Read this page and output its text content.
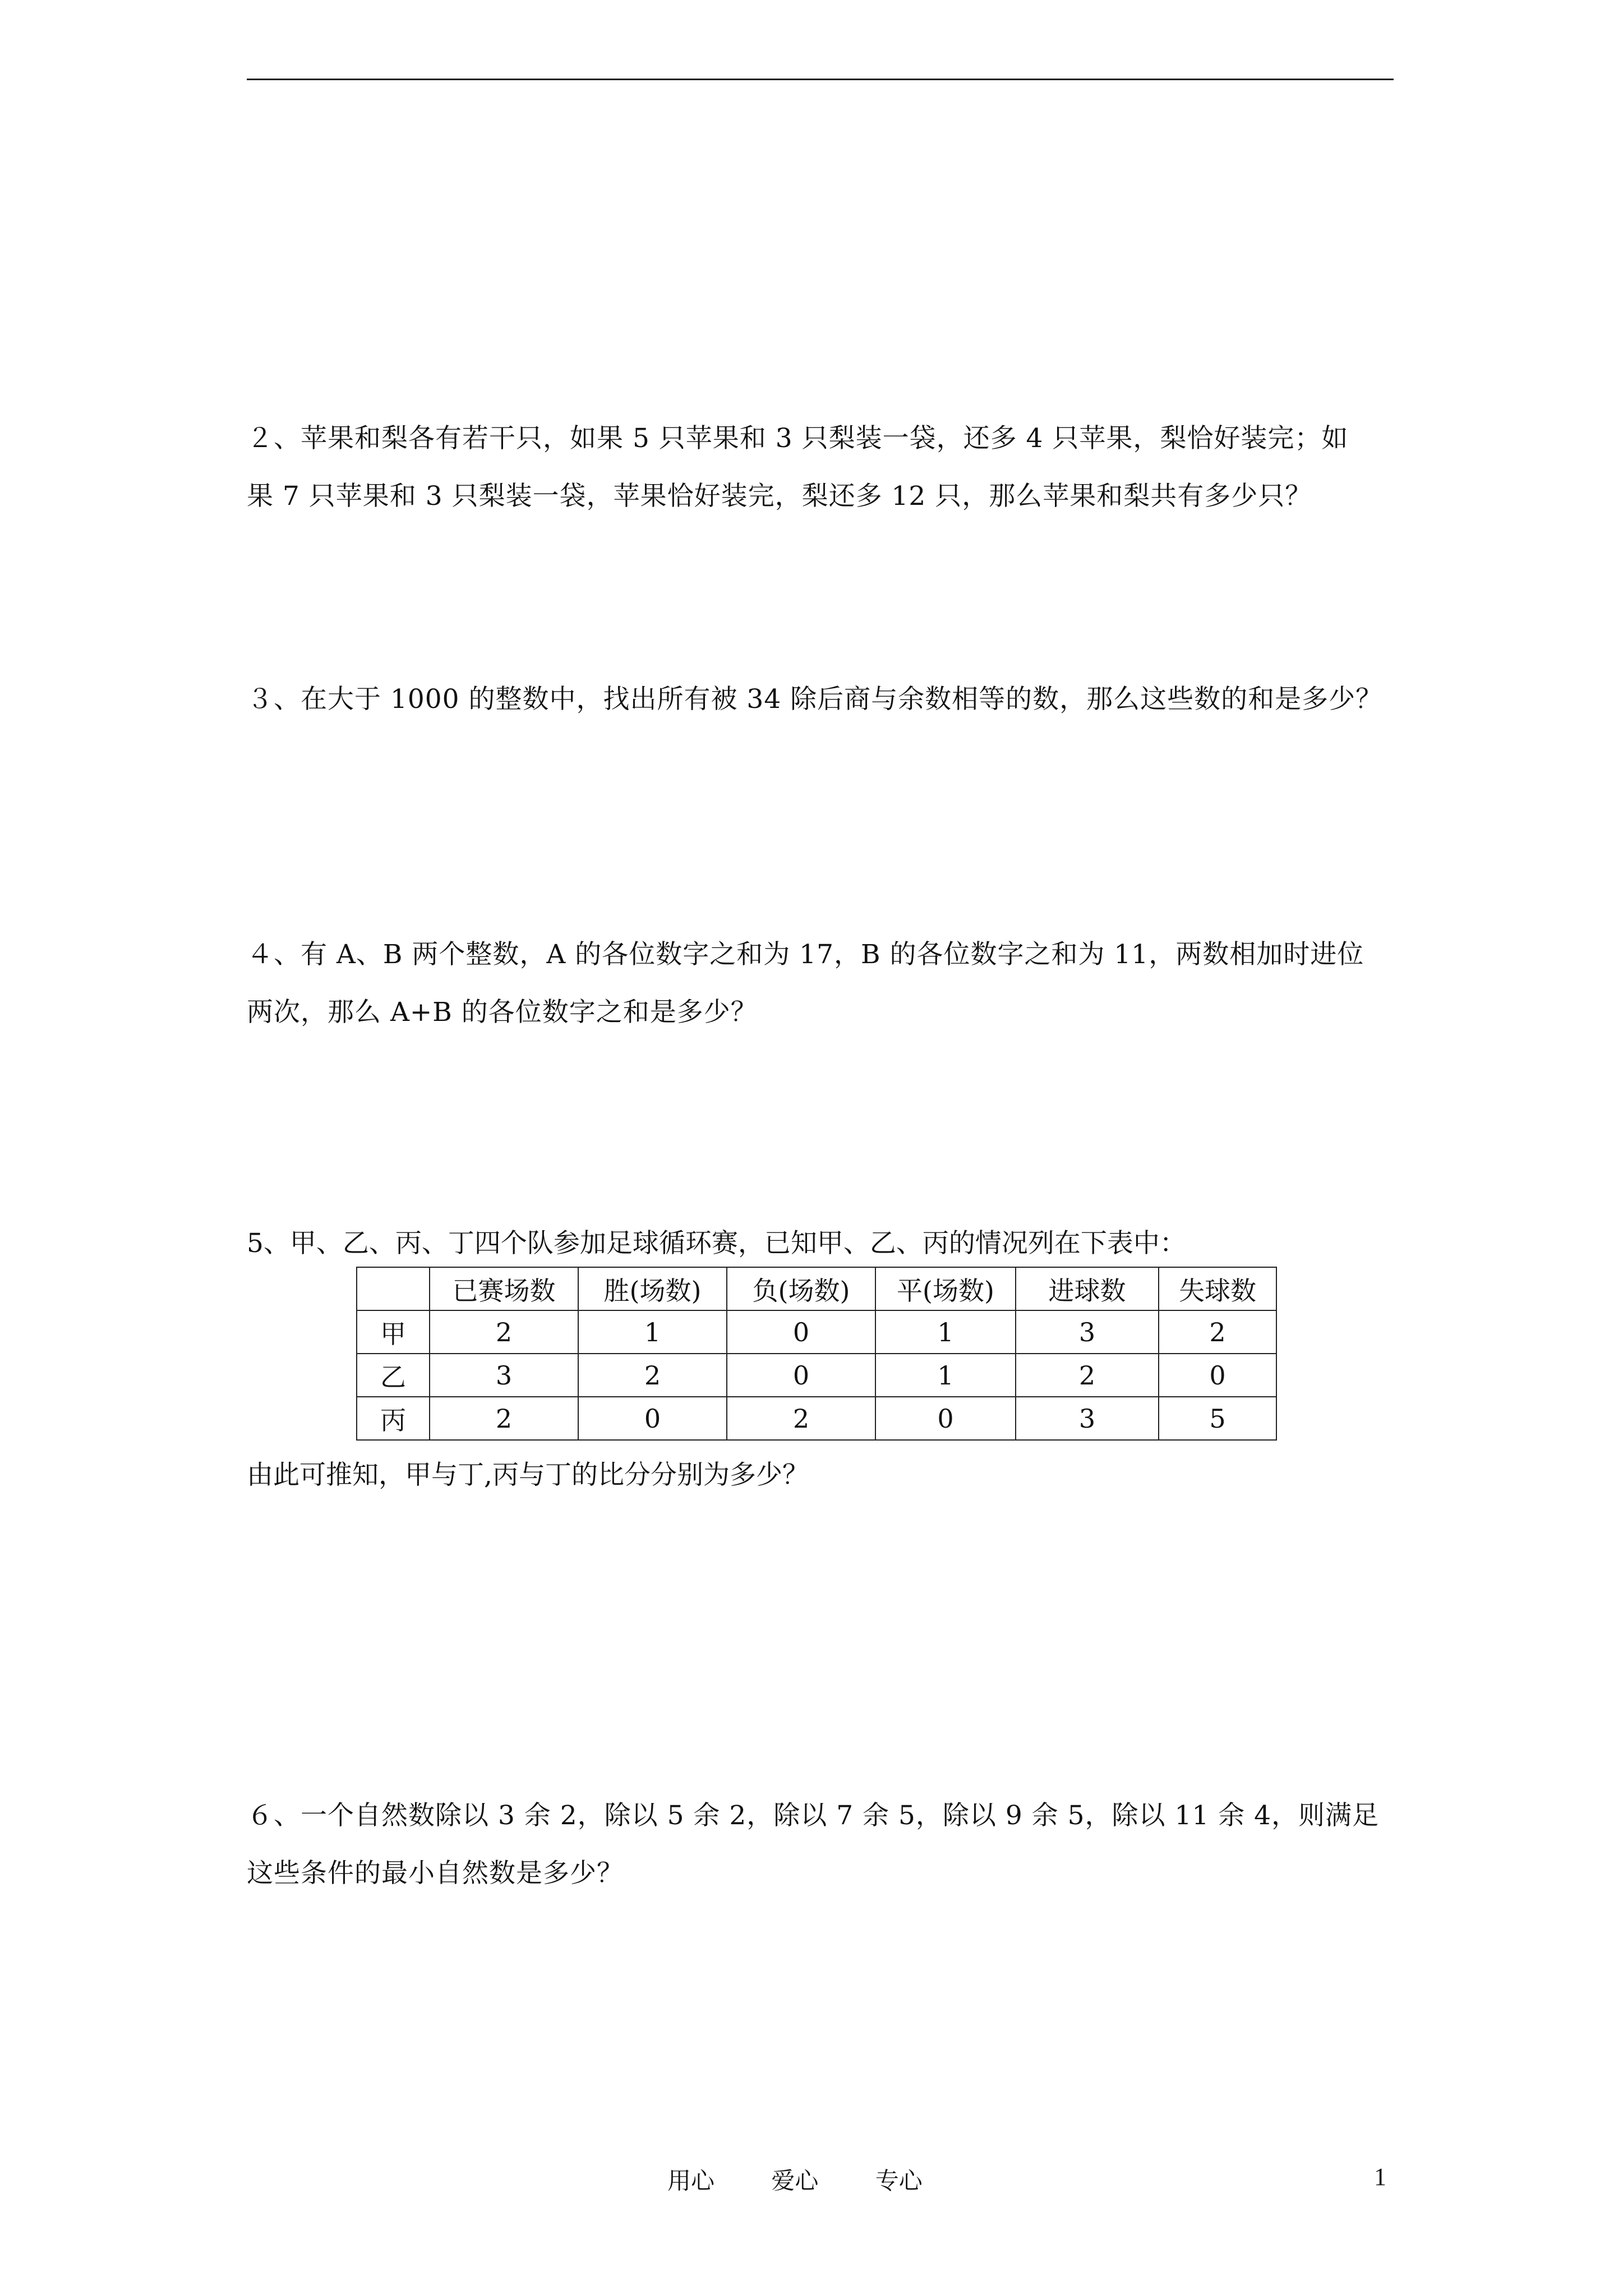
２、苹果和梨各有若干只，如果 5 只苹果和 3 只梨装一袋，还多 4 只苹果，梨恰好装完；如
果 7 只苹果和 3 只梨装一袋，苹果恰好装完，梨还多 12 只，那么苹果和梨共有多少只？
３、在大于 1000 的整数中，找出所有被 34 除后商与余数相等的数，那么这些数的和是多少？
４、有 A、B 两个整数，A 的各位数字之和为 17，B 的各位数字之和为 11，两数相加时进位
两次，那么 A+B 的各位数字之和是多少？

5、甲、乙、丙、丁四个队参加足球循环赛，已知甲、乙、丙的情况列在下表中：

	已赛场数	胜(场数)	负(场数)	平(场数)	进球数	失球数
甲	2	1	0	1	3	2
乙	3	2	0	1	2	0
丙	2	0	2	0	3	5

由此可推知，甲与丁,丙与丁的比分分别为多少？

６、一个自然数除以 3 余 2，除以 5 余 2，除以 7 余 5，除以 9 余 5，除以 11 余 4，则满足
这些条件的最小自然数是多少？
用心 爱心 专心	1
